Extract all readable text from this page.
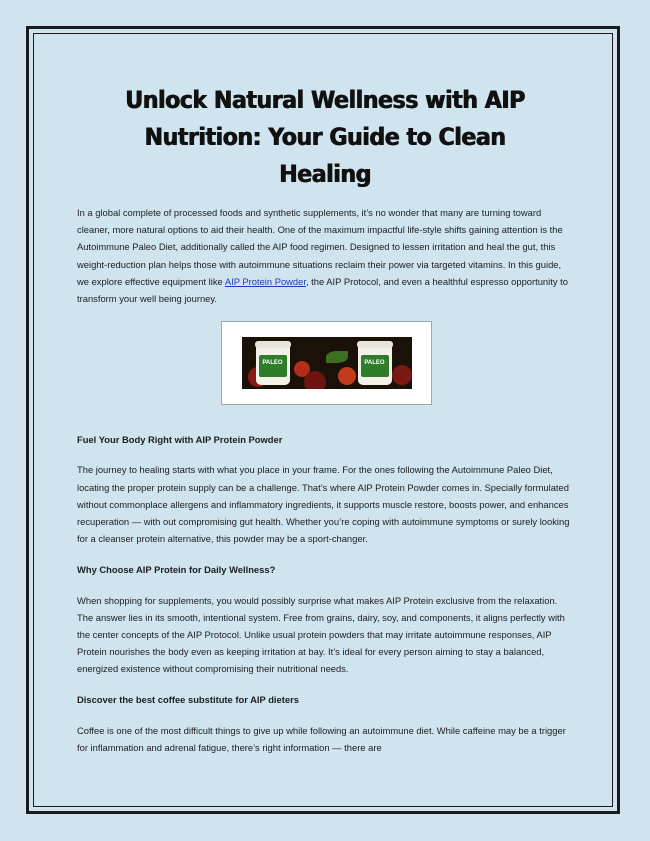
Unlock Natural Wellness with AIP Nutrition: Your Guide to Clean Healing

In a global complete of processed foods and synthetic supplements, it’s no wonder that many are turning toward cleaner, more natural options to aid their health. One of the maximum impactful life-style shifts gaining attention is the Autoimmune Paleo Diet, additionally called the AIP food regimen. Designed to lessen irritation and heal the gut, this weight-reduction plan helps those with autoimmune situations reclaim their power via targeted vitamins. In this guide, we explore effective equipment like AIP Protein Powder, the AIP Protocol, and even a healthful espresso opportunity to transform your well being journey.

PALEO	PALEO

Fuel Your Body Right with AIP Protein Powder

The journey to healing starts with what you place in your frame. For the ones following the Autoimmune Paleo Diet, locating the proper protein supply can be a challenge. That’s where AIP Protein Powder comes in. Specially formulated without commonplace allergens and inflammatory ingredients, it supports muscle restore, boosts power, and enhances recuperation — with out compromising gut health. Whether you’re coping with autoimmune symptoms or surely looking for a cleanser protein alternative, this powder may be a sport-changer.

Why Choose AIP Protein for Daily Wellness?

When shopping for supplements, you would possibly surprise what makes AIP Protein exclusive from the relaxation. The answer lies in its smooth, intentional system. Free from grains, dairy, soy, and components, it aligns perfectly with the center concepts of the AIP Protocol. Unlike usual protein powders that may irritate autoimmune responses, AIP Protein nourishes the body even as keeping irritation at bay. It’s ideal for every person aiming to stay a balanced, energized existence without compromising their nutritional needs.

Discover the best coffee substitute for AIP dieters

Coffee is one of the most difficult things to give up while following an autoimmune diet. While caffeine may be a trigger for inflammation and adrenal fatigue, there’s right information — there are
